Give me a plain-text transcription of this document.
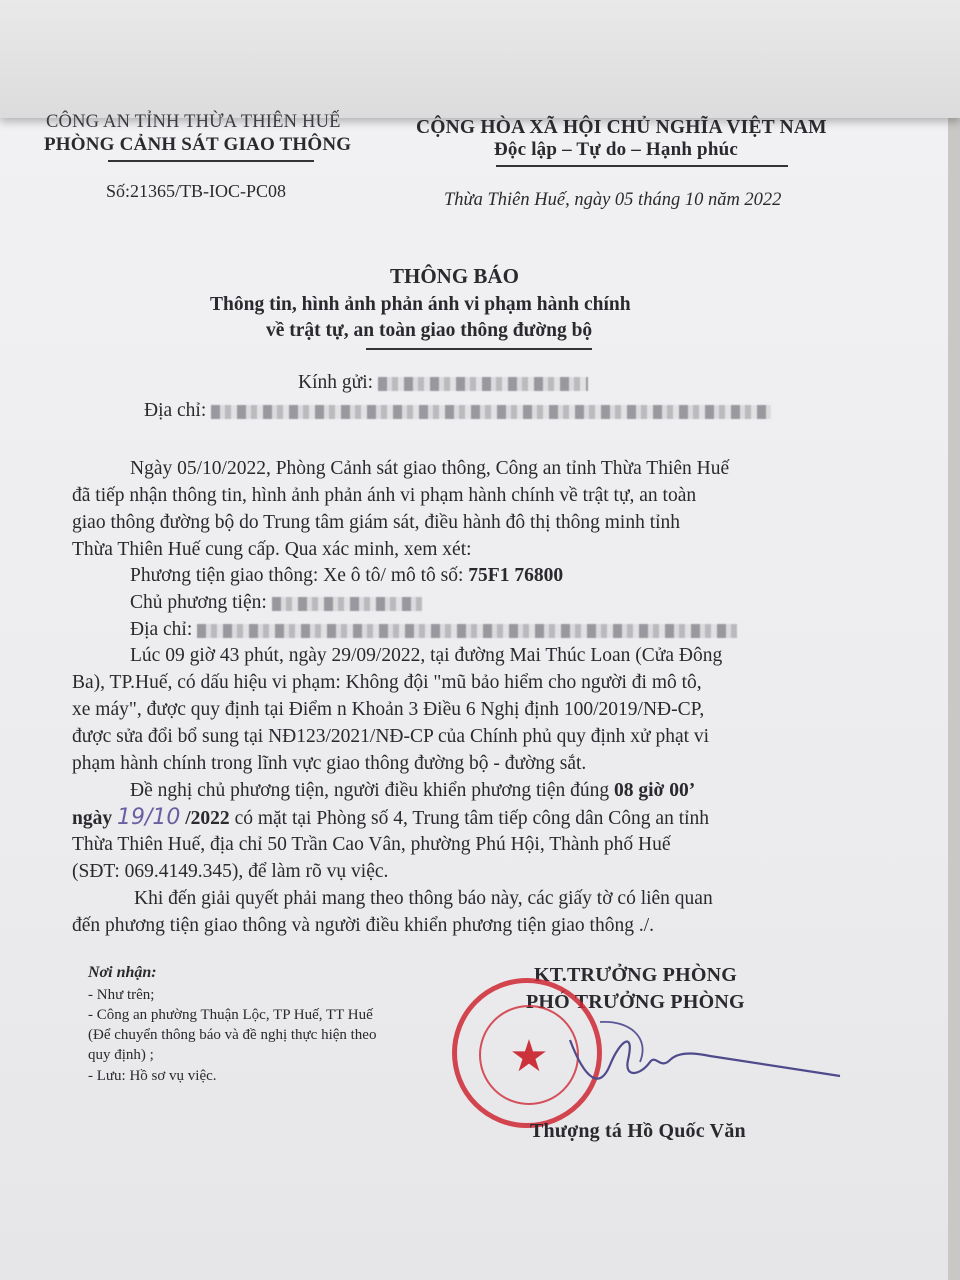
CÔNG AN TỈNH THỪA THIÊN HUẾ
PHÒNG CẢNH SÁT GIAO THÔNG
CỘNG HÒA XÃ HỘI CHỦ NGHĨA VIỆT NAM
Độc lập – Tự do – Hạnh phúc
Số:21365/TB-IOC-PC08	Thừa Thiên Huế, ngày 05 tháng 10 năm 2022
THÔNG BÁO
Thông tin, hình ảnh phản ánh vi phạm hành chính
về trật tự, an toàn giao thông đường bộ
Kính gửi:
Địa chỉ:
Ngày 05/10/2022, Phòng Cảnh sát giao thông, Công an tỉnh Thừa Thiên Huế
đã tiếp nhận thông tin, hình ảnh phản ánh vi phạm hành chính về trật tự, an toàn
giao thông đường bộ do Trung tâm giám sát, điều hành đô thị thông minh tỉnh
Thừa Thiên Huế cung cấp. Qua xác minh, xem xét:
Phương tiện giao thông: Xe ô tô/ mô tô số: 75F1 76800
Chủ phương tiện:
Địa chỉ:
Lúc 09 giờ 43 phút, ngày 29/09/2022, tại đường Mai Thúc Loan (Cửa Đông
Ba), TP.Huế, có dấu hiệu vi phạm: Không đội "mũ bảo hiểm cho người đi mô tô,
xe máy", được quy định tại Điểm n Khoản 3 Điều 6 Nghị định 100/2019/NĐ-CP,
được sửa đổi bổ sung tại NĐ123/2021/NĐ-CP của Chính phủ quy định xử phạt vi
phạm hành chính trong lĩnh vực giao thông đường bộ - đường sắt.
Đề nghị chủ phương tiện, người điều khiển phương tiện đúng 08 giờ 00’
ngày 19/10 /2022 có mặt tại Phòng số 4, Trung tâm tiếp công dân Công an tỉnh
Thừa Thiên Huế, địa chỉ 50 Trần Cao Vân, phường Phú Hội, Thành phố Huế
(SĐT: 069.4149.345), để làm rõ vụ việc.
Khi đến giải quyết phải mang theo thông báo này, các giấy tờ có liên quan
đến phương tiện giao thông và người điều khiển phương tiện giao thông ./.
Nơi nhận:
- Như trên;
- Công an phường Thuận Lộc, TP Huế, TT Huế
(Để chuyển thông báo và đề nghị thực hiện theo
quy định) ;
- Lưu: Hồ sơ vụ việc.
KT.TRƯỞNG PHÒNG
PHÓ TRƯỞNG PHÒNG
★
Thượng tá Hồ Quốc Văn
